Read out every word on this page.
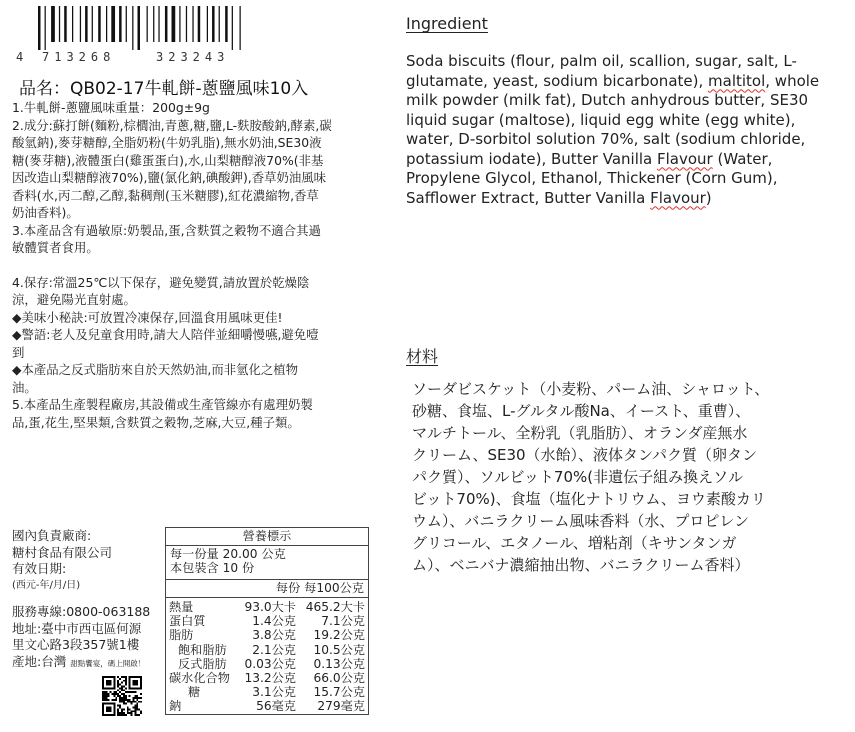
4 713268	323243
品名：QB02-17牛軋餅-蔥鹽風味10入

1.牛軋餅-蔥鹽風味重量：200g±9g

2.成分:蘇打餅(麵粉,棕櫚油,青蔥,糖,鹽,L-麩胺酸鈉,酵素,碳

酸氫鈉),麥芽糖醇,全脂奶粉(牛奶乳脂),無水奶油,SE30液

糖(麥芽糖),液體蛋白(雞蛋蛋白),水,山梨糖醇液70%(非基

因改造山梨糖醇液70%),鹽(氯化鈉,碘酸鉀),香草奶油風味

香料(水,丙二醇,乙醇,黏稠劑(玉米糖膠),紅花濃縮物,香草

奶油香料)。

3.本產品含有過敏原:奶製品,蛋,含麩質之穀物不適合其過

敏體質者食用。

4.保存:常溫25℃以下保存，避免變質,請放置於乾燥陰

涼，避免陽光直射處。

◆美味小秘訣:可放置冷凍保存,回溫食用風味更佳!

◆警語:老人及兒童食用時,請大人陪伴並細嚼慢嚥,避免噎

到

◆本產品之反式脂肪來自於天然奶油,而非氫化之植物

油。

5.本產品生產製程廠房,其設備或生產管線亦有處理奶製

品,蛋,花生,堅果類,含麩質之穀物,芝麻,大豆,種子類。

國內負責廠商:

糖村食品有限公司

有效日期:

(西元-年/月/日)

服務專線:0800-063188

地址:臺中市西屯區何源

里文心路3段357號1樓

產地:台灣 甜點饗宴，碼上開啟！

營養標示
每一份量 20.00 公克
本包裝含 10 份
每份 每100公克
熱量	93.0大卡	465.2大卡
蛋白質	1.4公克	7.1公克
脂肪	3.8公克	19.2公克
飽和脂肪	2.1公克	10.5公克
反式脂肪	0.03公克	0.13公克
碳水化合物	13.2公克	66.0公克
糖	3.1公克	15.7公克
鈉	56毫克	279毫克
Ingredient
Soda biscuits (flour, palm oil, scallion, sugar, salt, L-glutamate, yeast, sodium bicarbonate), maltitol, whole milk powder (milk fat), Dutch anhydrous butter, SE30 liquid sugar (maltose), liquid egg white (egg white), water, D-sorbitol solution 70%, salt (sodium chloride, potassium iodate), Butter Vanilla Flavour (Water, Propylene Glycol, Ethanol, Thickener (Corn Gum), Safflower Extract, Butter Vanilla Flavour)
材料

ソーダビスケット（小麦粉、パーム油、シャロット、

砂糖、食塩、L-グルタル酸Na、イースト、重曹）、

マルチトール、全粉乳（乳脂肪）、オランダ産無水

クリーム、SE30（水飴）、液体タンパク質（卵タン

パク質）、ソルビット70%(非遺伝子組み換えソル

ビット70%)、食塩（塩化ナトリウム、ヨウ素酸カリ

ウム）、バニラクリーム風味香料（水、プロピレン

グリコール、エタノール、増粘剤（キサンタンガ

ム）、ベニバナ濃縮抽出物、バニラクリーム香料）
